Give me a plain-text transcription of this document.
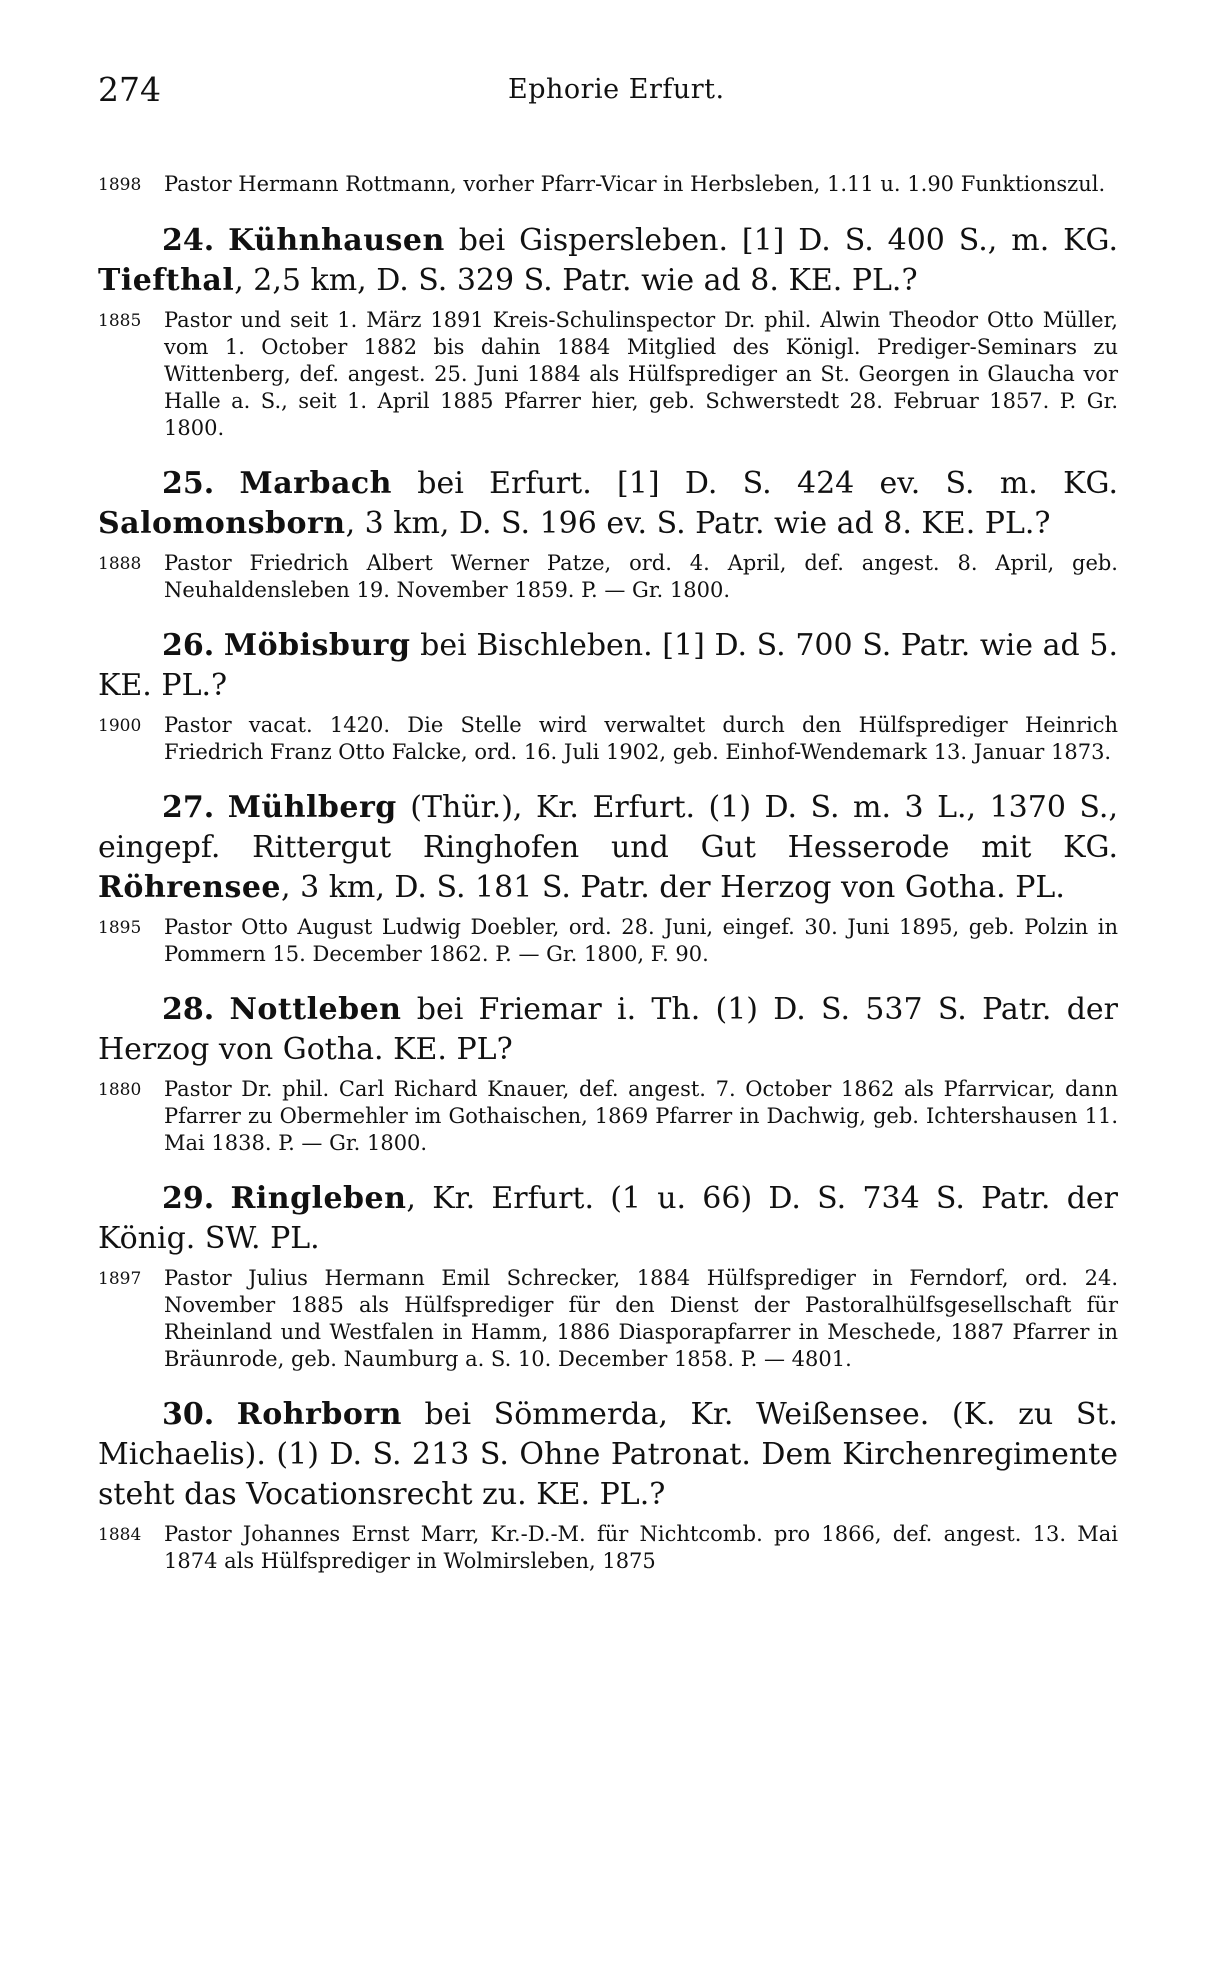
274	Ephorie Erfurt.
1898	Pastor Hermann Rottmann, vorher Pfarr-Vicar in Herbsleben, 1.11 u. 1.90 Funktionszul.

24. Kühnhausen bei Gispersleben. [1] D. S. 400 S., m. KG. Tiefthal, 2,5 km, D. S. 329 S. Patr. wie ad 8. KE. PL.?

1885	Pastor und seit 1. März 1891 Kreis-Schulinspector Dr. phil. Alwin Theodor Otto Müller, vom 1. October 1882 bis dahin 1884 Mitglied des Königl. Prediger-Seminars zu Wittenberg, def. angest. 25. Juni 1884 als Hülfsprediger an St. Georgen in Glaucha vor Halle a. S., seit 1. April 1885 Pfarrer hier, geb. Schwerstedt 28. Februar 1857. P. Gr. 1800.

25. Marbach bei Erfurt. [1] D. S. 424 ev. S. m. KG. Salomonsborn, 3 km, D. S. 196 ev. S. Patr. wie ad 8. KE. PL.?

1888	Pastor Friedrich Albert Werner Patze, ord. 4. April, def. angest. 8. April, geb. Neuhaldensleben 19. November 1859. P. — Gr. 1800.

26. Möbisburg bei Bischleben. [1] D. S. 700 S. Patr. wie ad 5. KE. PL.?

1900	Pastor vacat. 1420. Die Stelle wird verwaltet durch den Hülfsprediger Heinrich Friedrich Franz Otto Falcke, ord. 16. Juli 1902, geb. Einhof-Wendemark 13. Januar 1873.

27. Mühlberg (Thür.), Kr. Erfurt. (1) D. S. m. 3 L., 1370 S., eingepf. Rittergut Ringhofen und Gut Hesserode mit KG. Röhrensee, 3 km, D. S. 181 S. Patr. der Herzog von Gotha. PL.

1895	Pastor Otto August Ludwig Doebler, ord. 28. Juni, eingef. 30. Juni 1895, geb. Polzin in Pommern 15. December 1862. P. — Gr. 1800, F. 90.

28. Nottleben bei Friemar i. Th. (1) D. S. 537 S. Patr. der Herzog von Gotha. KE. PL?

1880	Pastor Dr. phil. Carl Richard Knauer, def. angest. 7. October 1862 als Pfarrvicar, dann Pfarrer zu Obermehler im Gothaischen, 1869 Pfarrer in Dachwig, geb. Ichtershausen 11. Mai 1838. P. — Gr. 1800.

29. Ringleben, Kr. Erfurt. (1 u. 66) D. S. 734 S. Patr. der König. SW. PL.

1897	Pastor Julius Hermann Emil Schrecker, 1884 Hülfsprediger in Ferndorf, ord. 24. November 1885 als Hülfsprediger für den Dienst der Pastoralhülfsgesellschaft für Rheinland und Westfalen in Hamm, 1886 Diasporapfarrer in Meschede, 1887 Pfarrer in Bräunrode, geb. Naumburg a. S. 10. December 1858. P. — 4801.

30. Rohrborn bei Sömmerda, Kr. Weißensee. (K. zu St. Michaelis). (1) D. S. 213 S. Ohne Patronat. Dem Kirchenregimente steht das Vocationsrecht zu. KE. PL.?

1884	Pastor Johannes Ernst Marr, Kr.-D.-M. für Nichtcomb. pro 1866, def. angest. 13. Mai 1874 als Hülfsprediger in Wolmirsleben, 1875
